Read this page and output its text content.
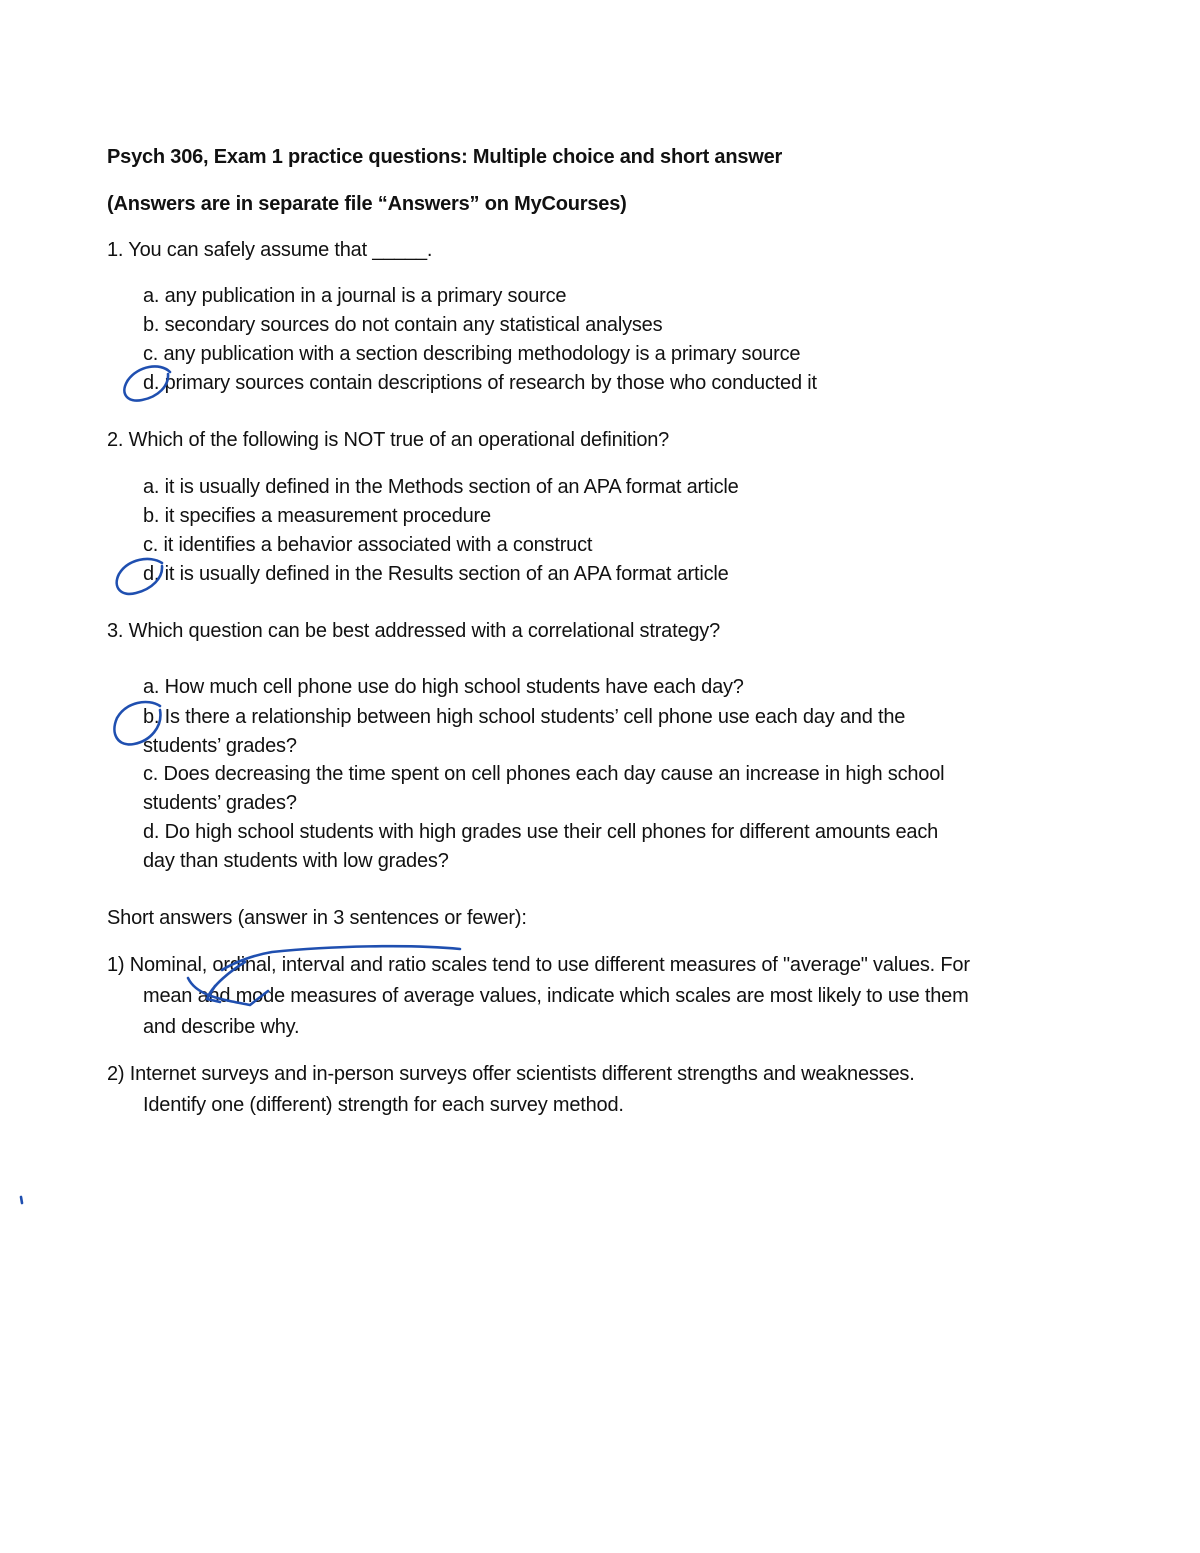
Psych 306, Exam 1 practice questions: Multiple choice and short answer
(Answers are in separate file “Answers” on MyCourses)
1. You can safely assume that _____.
a. any publication in a journal is a primary source
b. secondary sources do not contain any statistical analyses
c. any publication with a section describing methodology is a primary source
d. primary sources contain descriptions of research by those who conducted it
2. Which of the following is NOT true of an operational definition?
a. it is usually defined in the Methods section of an APA format article
b. it specifies a measurement procedure
c. it identifies a behavior associated with a construct
d. it is usually defined in the Results section of an APA format article
3. Which question can be best addressed with a correlational strategy?
a. How much cell phone use do high school students have each day?
b. Is there a relationship between high school students’ cell phone use each day and the
students’ grades?
c. Does decreasing the time spent on cell phones each day cause an increase in high school
students’ grades?
d. Do high school students with high grades use their cell phones for different amounts each
day than students with low grades?
Short answers (answer in 3 sentences or fewer):
1) Nominal, ordinal, interval and ratio scales tend to use different measures of "average" values. For
mean and mode measures of average values, indicate which scales are most likely to use them
and describe why.
2) Internet surveys and in-person surveys offer scientists different strengths and weaknesses.
Identify one (different) strength for each survey method.
